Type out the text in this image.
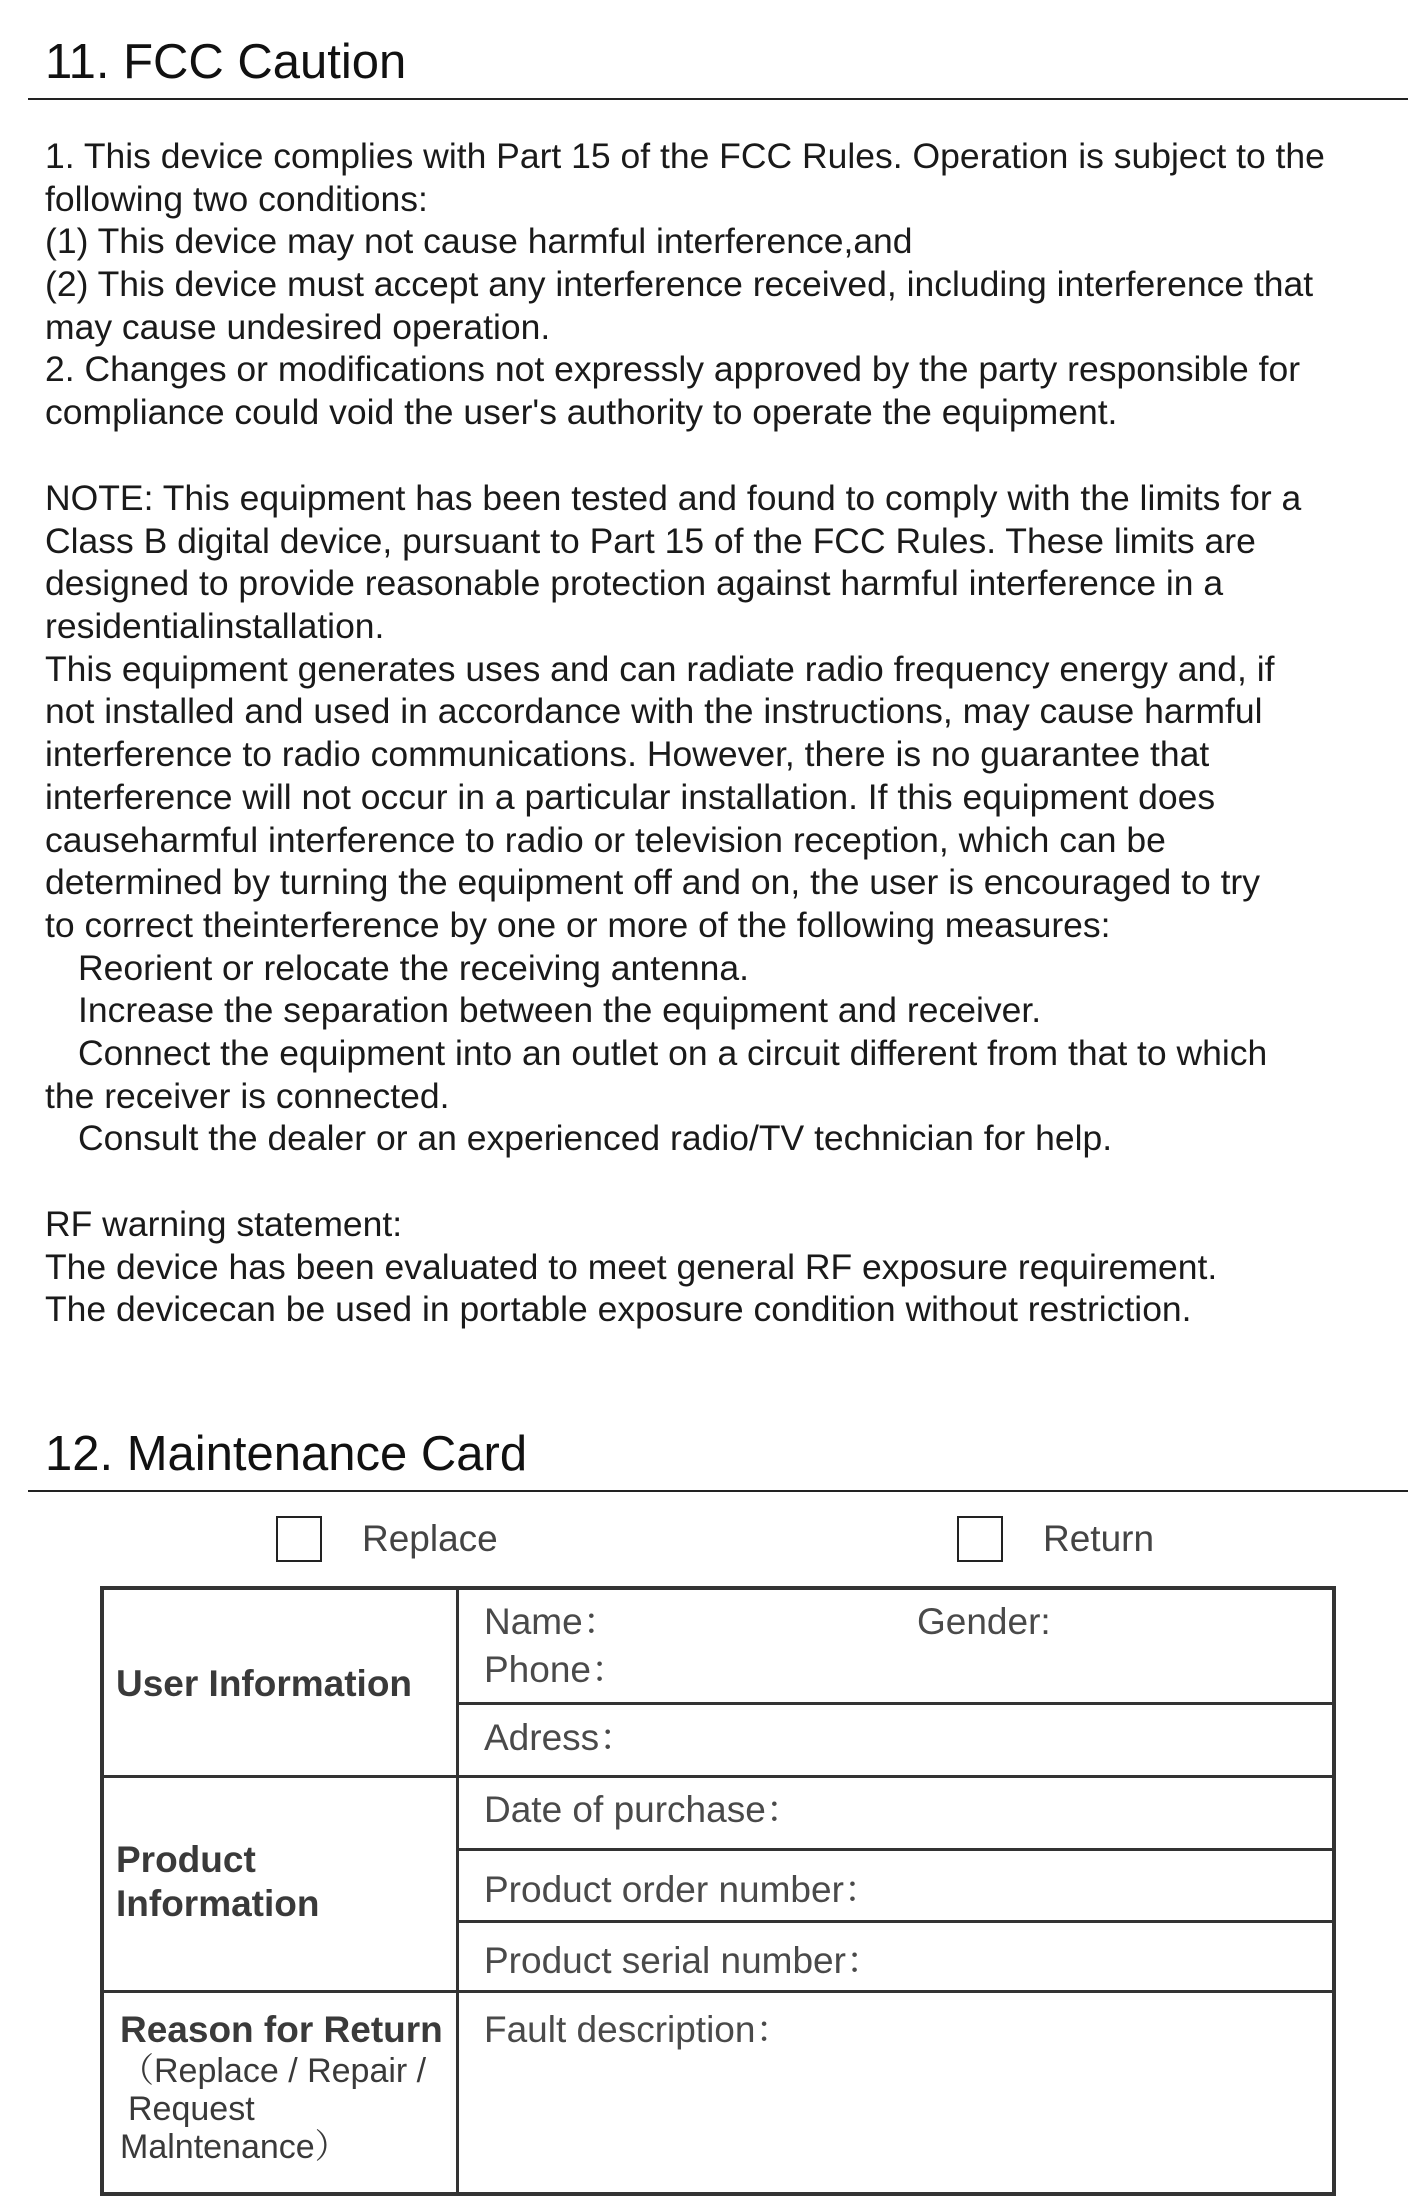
11. FCC Caution
1. This device complies with Part 15 of the FCC Rules. Operation is subject to the
following two conditions:
(1) This device may not cause harmful interference,and
(2) This device must accept any interference received, including interference that
may cause undesired operation.
2. Changes or modifications not expressly approved by the party responsible for
compliance could void the user's authority to operate the equipment.
NOTE: This equipment has been tested and found to comply with the limits for a
Class B digital device, pursuant to Part 15 of the FCC Rules. These limits are
designed to provide reasonable protection against harmful interference in a
residentialinstallation.
This equipment generates uses and can radiate radio frequency energy and, if
not installed and used in accordance with the instructions, may cause harmful
interference to radio communications. However, there is no guarantee that
interference will not occur in a particular installation. If this equipment does
causeharmful interference to radio or television reception, which can be
determined by turning the equipment off and on, the user is encouraged to try
to correct theinterference by one or more of the following measures:
Reorient or relocate the receiving antenna.
Increase the separation between the equipment and receiver.
Connect the equipment into an outlet on a circuit different from that to which
the receiver is connected.
Consult the dealer or an experienced radio/TV technician for help.
RF warning statement:
The device has been evaluated to meet general RF exposure requirement.
The devicecan be used in portable exposure condition without restriction.
12. Maintenance Card
Replace	Return
User Information
Name：	Gender:
Phone：
Adress：
Product
Information
Date of purchase：
Product order number：
Product serial number：
Reason for Return
（Replace / Repair /
Request
Malntenance）
Fault description：
